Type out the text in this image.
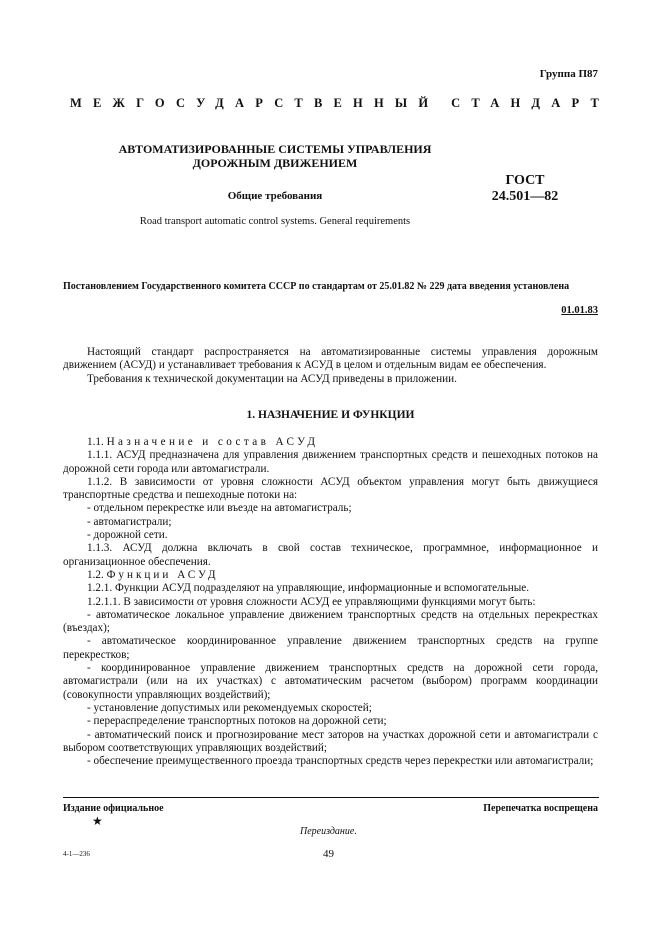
Группа П87
МЕЖГОСУДАРСТВЕННЫЙ СТАНДАРТ
АВТОМАТИЗИРОВАННЫЕ СИСТЕМЫ УПРАВЛЕНИЯ
ДОРОЖНЫМ ДВИЖЕНИЕМ
ГОСТ
24.501—82
Общие требования
Road transport automatic control systems. General requirements
Постановлением Государственного комитета СССР по стандартам от 25.01.82 № 229 дата введения установлена
01.01.83

Настоящий стандарт распространяется на автоматизированные системы управления дорожным движением (АСУД) и устанавливает требования к АСУД в целом и отдельным видам ее обеспечения.

Требования к технической документации на АСУД приведены в приложении.

1. НАЗНАЧЕНИЕ И ФУНКЦИИ

1.1. Назначение и состав АСУД

1.1.1. АСУД предназначена для управления движением транспортных средств и пешеходных потоков на дорожной сети города или автомагистрали.

1.1.2. В зависимости от уровня сложности АСУД объектом управления могут быть движущиеся транспортные средства и пешеходные потоки на:

- отдельном перекрестке или въезде на автомагистраль;

- автомагистрали;

- дорожной сети.

1.1.3. АСУД должна включать в свой состав техническое, программное, информационное и организационное обеспечения.

1.2. Функции АСУД

1.2.1. Функции АСУД подразделяют на управляющие, информационные и вспомогательные.

1.2.1.1. В зависимости от уровня сложности АСУД ее управляющими функциями могут быть:

- автоматическое локальное управление движением транспортных средств на отдельных перекрестках (въездах);

- автоматическое координированное управление движением транспортных средств на группе перекрестков;

- координированное управление движением транспортных средств на дорожной сети города, автомагистрали (или на их участках) с автоматическим расчетом (выбором) программ координации (совокупности управляющих воздействий);

- установление допустимых или рекомендуемых скоростей;

- перераспределение транспортных потоков на дорожной сети;

- автоматический поиск и прогнозирование мест заторов на участках дорожной сети и автомагистрали с выбором соответствующих управляющих воздействий;

- обеспечение преимущественного проезда транспортных средств через перекрестки или автомагистрали;

Издание официальное	Перепечатка воспрещена
★
Переиздание.
4-1—236	49
